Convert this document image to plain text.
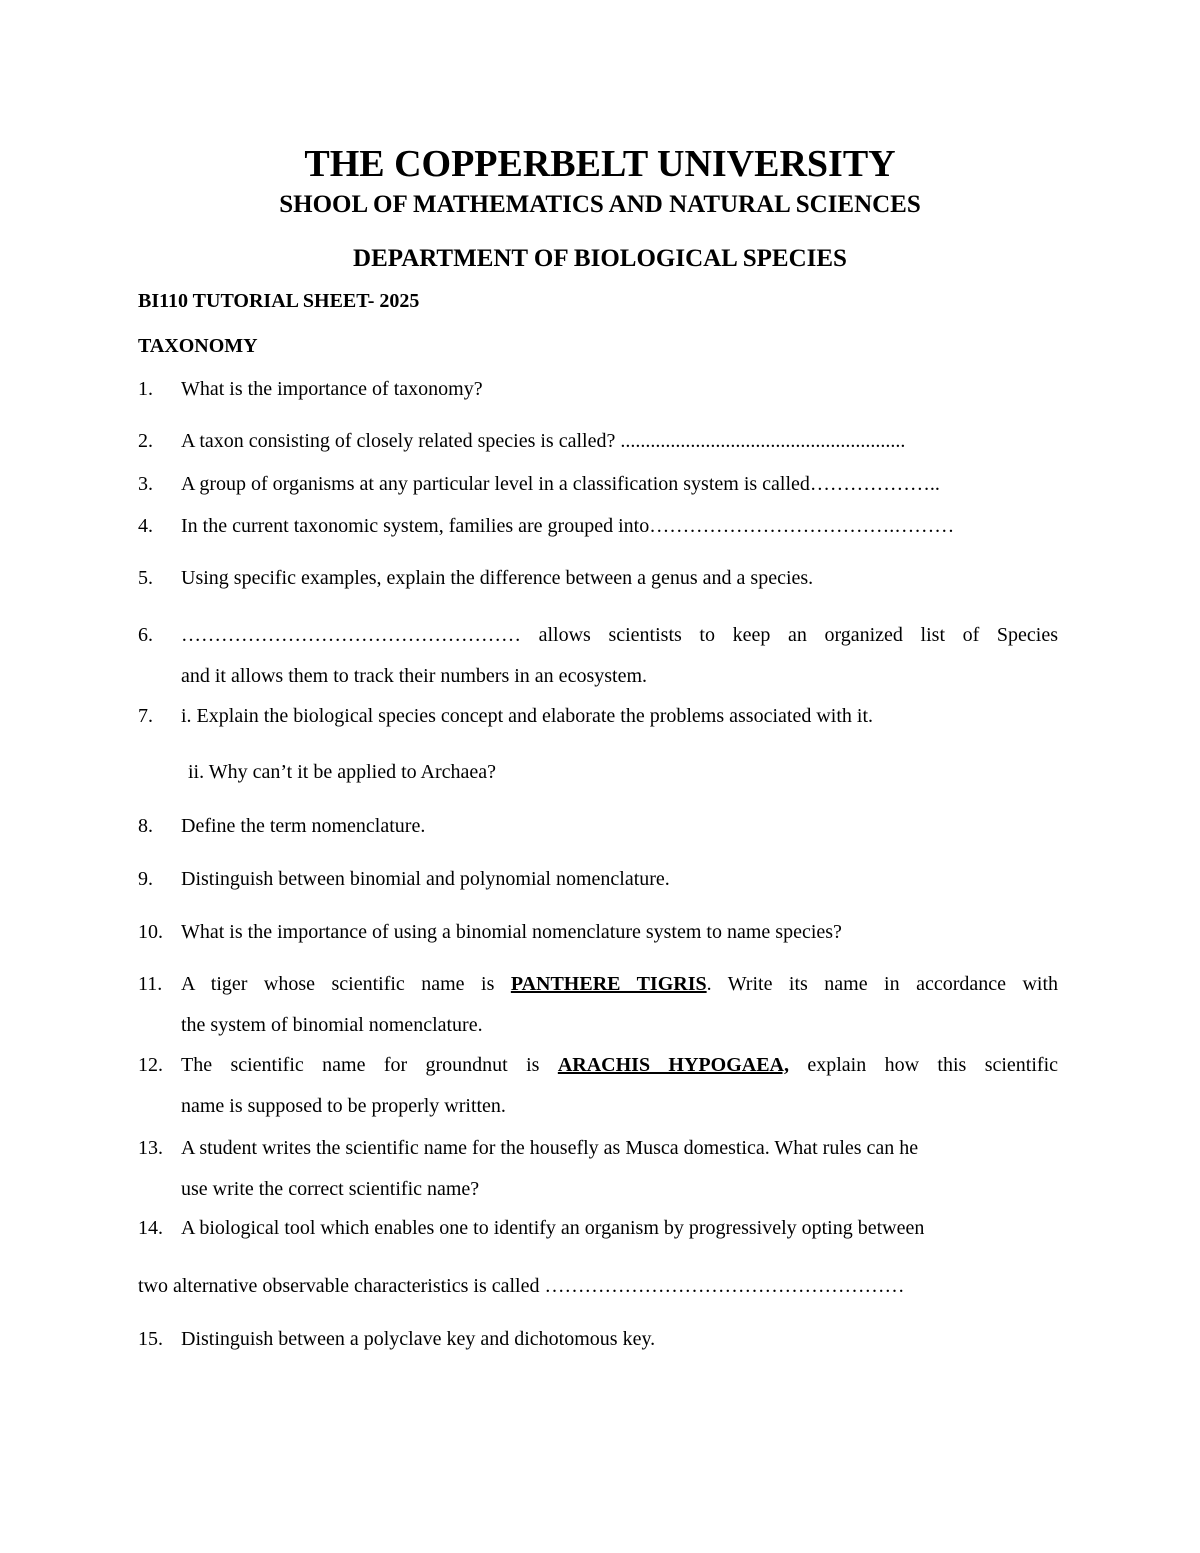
THE COPPERBELT UNIVERSITY
SHOOL OF MATHEMATICS AND NATURAL SCIENCES
DEPARTMENT OF BIOLOGICAL SPECIES
BI110 TUTORIAL SHEET- 2025
TAXONOMY
1. What is the importance of taxonomy?
2. A taxon consisting of closely related species is called? .........................................................
3. A group of organisms at any particular level in a classification system is called………………..
4. In the current taxonomic system, families are grouped into……………………………….………
5. Using specific examples, explain the difference between a genus and a species.
6. …………………………………………… allows scientists to keep an organized list of Species
and it allows them to track their numbers in an ecosystem.
7. i. Explain the biological species concept and elaborate the problems associated with it.
ii. Why can’t it be applied to Archaea?
8. Define the term nomenclature.
9. Distinguish between binomial and polynomial nomenclature.
10. What is the importance of using a binomial nomenclature system to name species?
11. A tiger whose scientific name is PANTHERE TIGRIS. Write its name in accordance with
the system of binomial nomenclature.
12. The scientific name for groundnut is ARACHIS HYPOGAEA, explain how this scientific
name is supposed to be properly written.
13. A student writes the scientific name for the housefly as Musca domestica. What rules can he
use write the correct scientific name?
14. A biological tool which enables one to identify an organism by progressively opting between
two alternative observable characteristics is called ………………………………………………
15. Distinguish between a polyclave key and dichotomous key.
